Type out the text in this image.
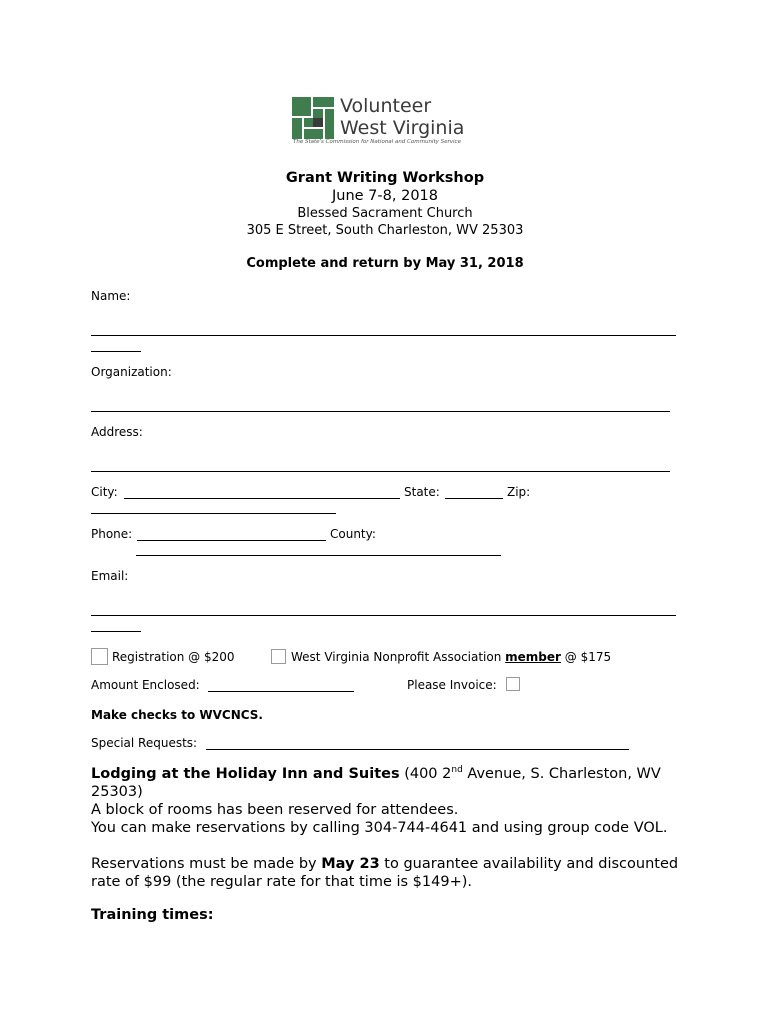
Volunteer
West Virginia
The State's Commission for National and Community Service
Grant Writing Workshop
June 7-8, 2018
Blessed Sacrament Church
305 E Street, South Charleston, WV 25303
Complete and return by May 31, 2018
Name:
Organization:
Address:
City:	State:	Zip:
Phone:	County:
Email:
Registration @ $200	West Virginia Nonprofit Association member @ $175
Amount Enclosed:	Please Invoice:
Make checks to WVCNCS.
Special Requests:
Lodging at the Holiday Inn and Suites (400 2nd Avenue, S. Charleston, WV 25303)
A block of rooms has been reserved for attendees.
You can make reservations by calling 304-744-4641 and using group code VOL.
Reservations must be made by May 23 to guarantee availability and discounted rate of $99 (the regular rate for that time is $149+).
Training times:
